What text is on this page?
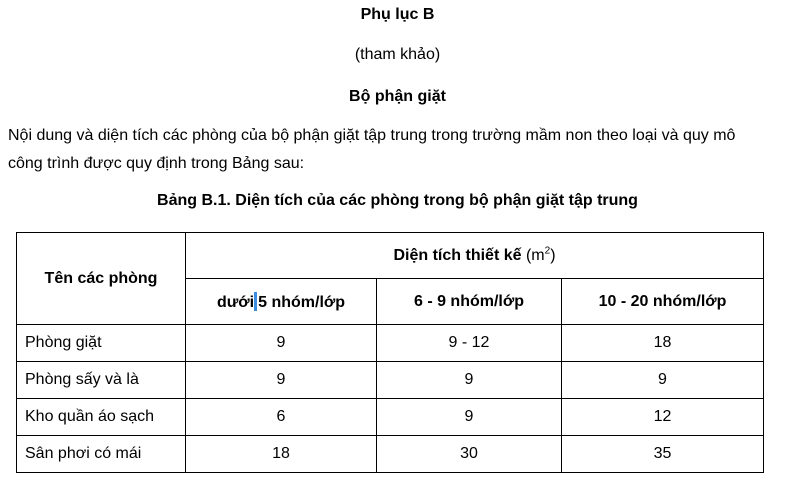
Phụ lục B
(tham khảo)
Bộ phận giặt
Nội dung và diện tích các phòng của bộ phận giặt tập trung trong trường mầm non theo loại và quy mô
công trình được quy định trong Bảng sau:
Bảng B.1. Diện tích của các phòng trong bộ phận giặt tập trung
Tên các phòng	Diện tích thiết kế $(m^2)$		
	dưới 5 nhóm/lớp	6 - 9 nhóm/lớp	10 - 20 nhóm/lớp
Phòng giặt	9	9 - 12	18
Phòng sấy và là	9	9	9
Kho quần áo sạch	6	9	12
Sân phơi có mái	18	30	35
